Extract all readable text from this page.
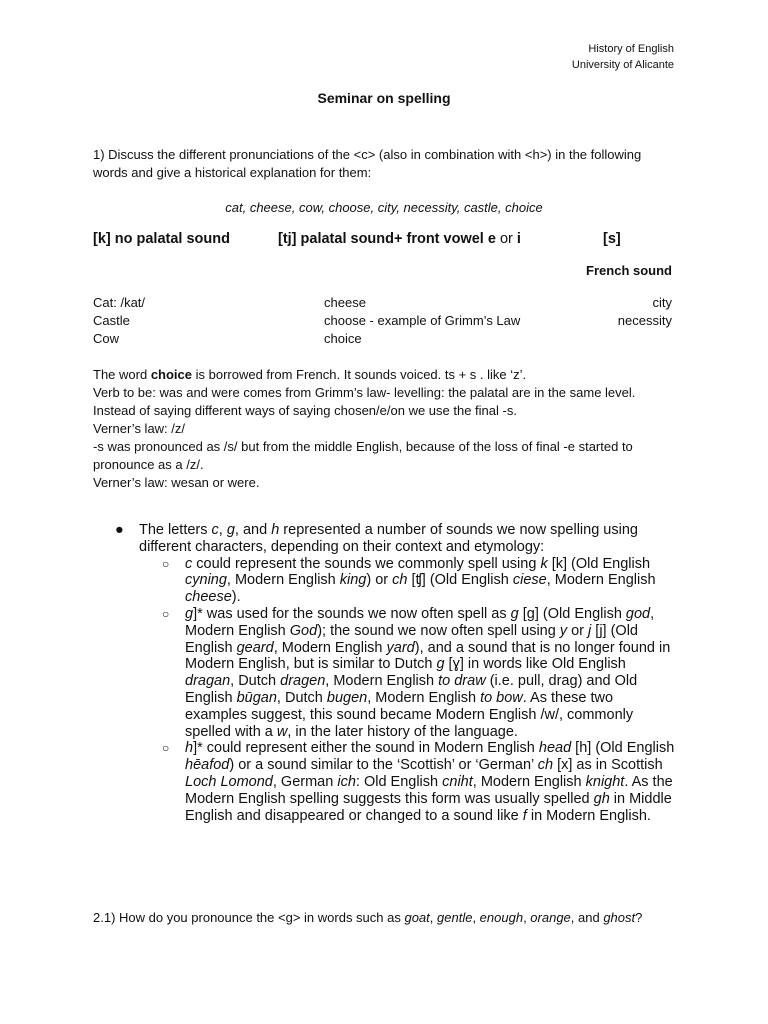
History of English
University of Alicante
Seminar on spelling
1) Discuss the different pronunciations of the <c> (also in combination with <h>) in the following words and give a historical explanation for them:
cat, cheese, cow, choose, city, necessity, castle, choice
[k] no palatal sound	[tj] palatal sound+ front vowel e or i	[s]
French sound
Cat: /kat/	cheese	city
Castle	choose - example of Grimm’s Law	necessity
Cow	choice

The word choice is borrowed from French. It sounds voiced. ts + s . like ‘z’.

Verb to be: was and were comes from Grimm’s law- levelling: the palatal are in the same level. Instead of saying different ways of saying chosen/e/on we use the final -s.

Verner’s law: /z/

-s was pronounced as /s/ but from the middle English, because of the loss of final -e started to pronounce as a /z/.

Verner’s law: wesan or were.

● The letters c, g, and h represented a number of sounds we now spelling using different characters, depending on their context and etymology:
○ c could represent the sounds we commonly spell using k [k] (Old English cyning, Modern English king) or ch [ʧ] (Old English ciese, Modern English cheese).
○ g]* was used for the sounds we now often spell as g [g] (Old English god, Modern English God); the sound we now often spell using y or j [j] (Old English geard, Modern English yard), and a sound that is no longer found in Modern English, but is similar to Dutch g [ɣ] in words like Old English dragan, Dutch dragen, Modern English to draw (i.e. pull, drag) and Old English būgan, Dutch bugen, Modern English to bow. As these two examples suggest, this sound became Modern English /w/, commonly spelled with a w, in the later history of the language.
○ h]* could represent either the sound in Modern English head [h] (Old English hēafod) or a sound similar to the ‘Scottish’ or ‘German’ ch [x] as in Scottish Loch Lomond, German ich: Old English cniht, Modern English knight. As the Modern English spelling suggests this form was usually spelled gh in Middle English and disappeared or changed to a sound like f in Modern English.
2.1) How do you pronounce the <g> in words such as goat, gentle, enough, orange, and ghost?
